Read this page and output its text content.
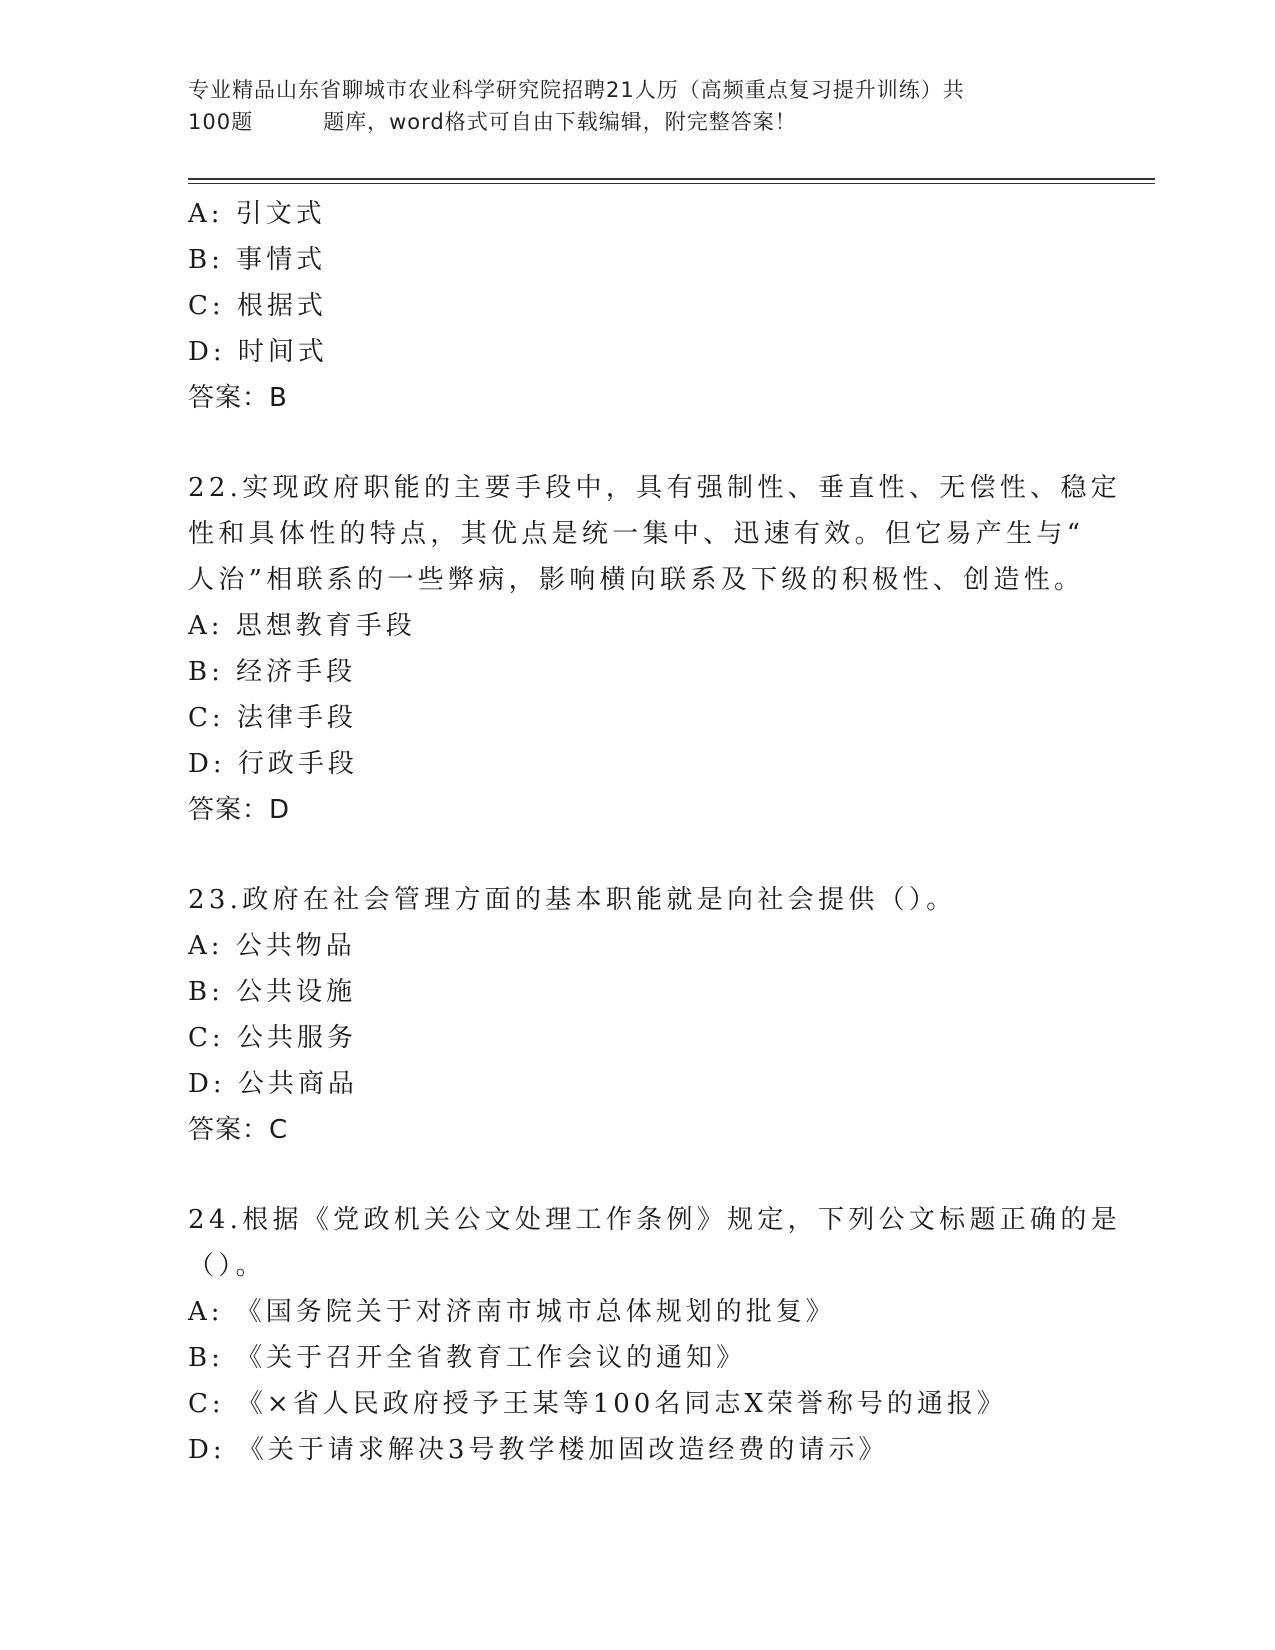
专业精品山东省聊城市农业科学研究院招聘21人历（高频重点复习提升训练）共
100题	题库，word格式可自由下载编辑，附完整答案！
A: 引文式
B: 事情式
C: 根据式
D: 时间式
答案：B
22.实现政府职能的主要手段中，具有强制性、垂直性、无偿性、稳定
性和具体性的特点，其优点是统一集中、迅速有效。但它易产生与“
人治”相联系的一些弊病，影响横向联系及下级的积极性、创造性。
A: 思想教育手段
B: 经济手段
C: 法律手段
D: 行政手段
答案：D
23.政府在社会管理方面的基本职能就是向社会提供（）。
A: 公共物品
B: 公共设施
C: 公共服务
D: 公共商品
答案：C
24.根据《党政机关公文处理工作条例》规定，下列公文标题正确的是
（）。
A: 《国务院关于对济南市城市总体规划的批复》
B: 《关于召开全省教育工作会议的通知》
C: 《×省人民政府授予王某等100名同志X荣誉称号的通报》
D: 《关于请求解决3号教学楼加固改造经费的请示》
